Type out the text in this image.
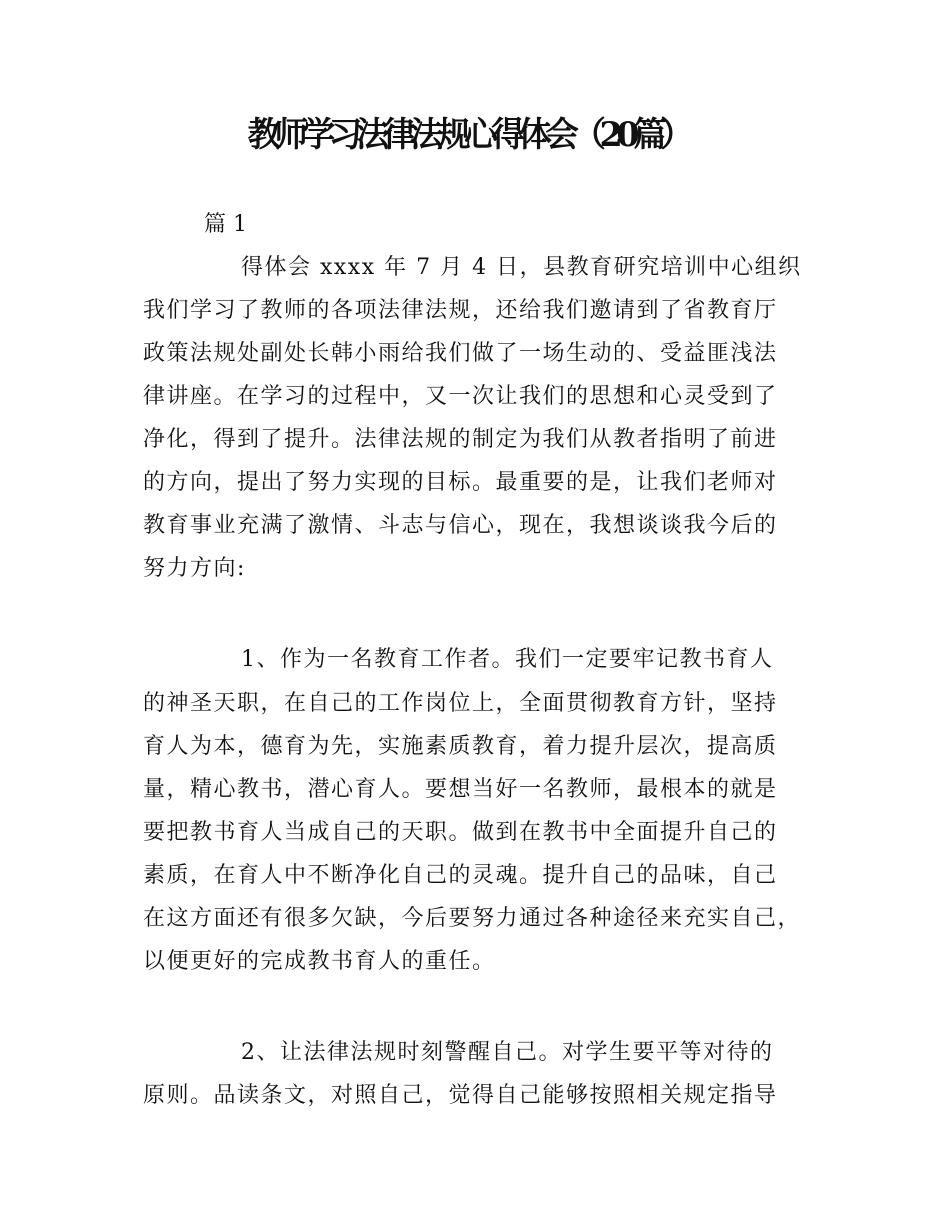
教师学习法律法规心得体会（20篇）
篇 1
得体会 xxxx 年 7 月 4 日，县教育研究培训中心组织
我们学习了教师的各项法律法规，还给我们邀请到了省教育厅
政策法规处副处长韩小雨给我们做了一场生动的、受益匪浅法
律讲座。在学习的过程中，又一次让我们的思想和心灵受到了
净化，得到了提升。法律法规的制定为我们从教者指明了前进
的方向，提出了努力实现的目标。最重要的是，让我们老师对
教育事业充满了激情、斗志与信心，现在，我想谈谈我今后的
努力方向:
1、作为一名教育工作者。我们一定要牢记教书育人
的神圣天职，在自己的工作岗位上，全面贯彻教育方针，坚持
育人为本，德育为先，实施素质教育，着力提升层次，提高质
量，精心教书，潜心育人。要想当好一名教师，最根本的就是
要把教书育人当成自己的天职。做到在教书中全面提升自己的
素质，在育人中不断净化自己的灵魂。提升自己的品味，自己
在这方面还有很多欠缺，今后要努力通过各种途径来充实自己，
以便更好的完成教书育人的重任。
2、让法律法规时刻警醒自己。对学生要平等对待的
原则。品读条文，对照自己，觉得自己能够按照相关规定指导
